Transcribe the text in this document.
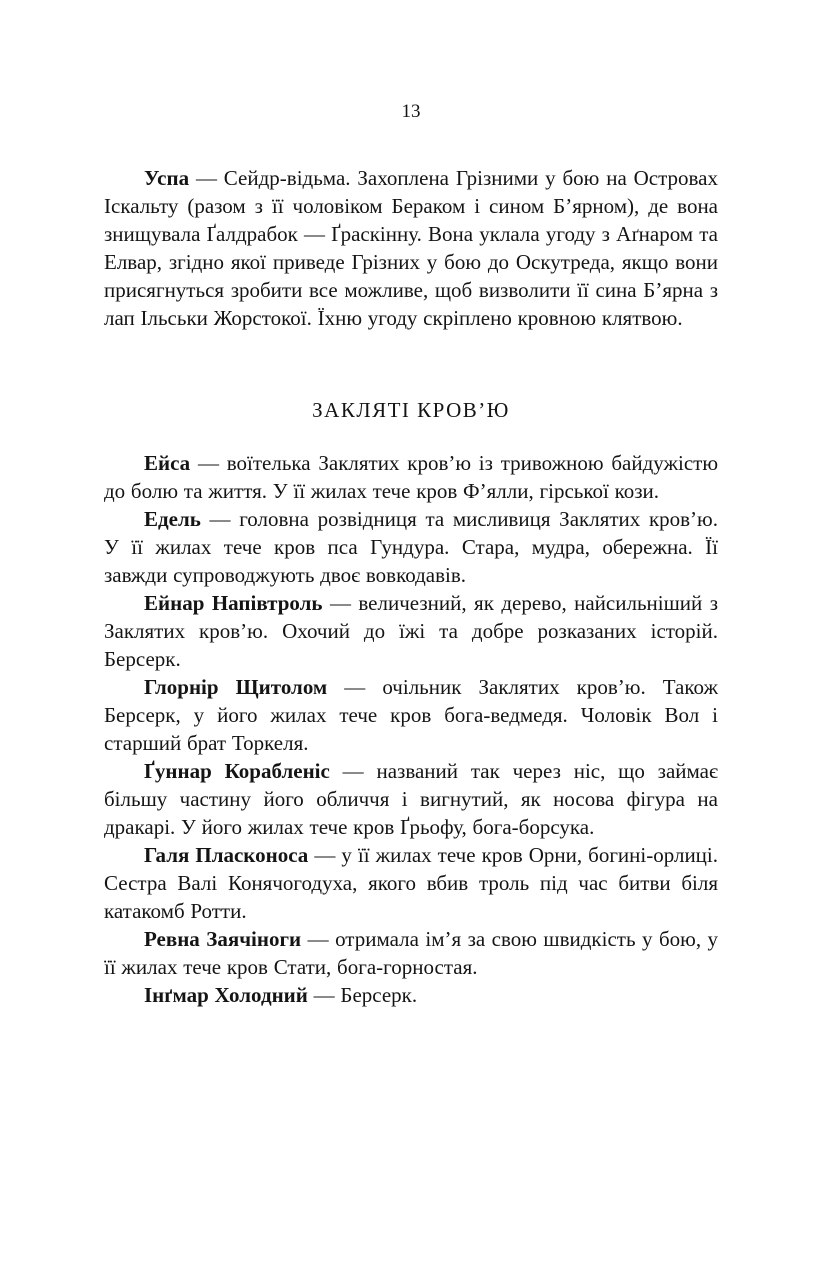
13

Успа — Сейдр-відьма. Захоплена Грізними у бою на Островах Іскальту (разом з її чоловіком Бераком і сином Б’ярном), де вона знищувала Ґалдрабок — Ґраскінну. Вона уклала угоду з Аґнаром та Елвар, згідно якої приведе Грізних у бою до Оскутреда, якщо вони присягнуться зробити все можливе, щоб визволити її сина Б’ярна з лап Ільськи Жорстокої. Їхню угоду скріплено кровною клятвою.

ЗАКЛЯТІ КРОВ’Ю

Ейса — воїтелька Заклятих кров’ю із тривожною байдужістю до болю та життя. У її жилах тече кров Ф’ялли, гірської кози.

Едель — головна розвідниця та мисливиця Заклятих кров’ю. У її жилах тече кров пса Гундура. Стара, мудра, обережна. Її завжди супроводжують двоє вовкодавів.

Ейнар Напівтроль — величезний, як дерево, найсильніший з Заклятих кров’ю. Охочий до їжі та добре розказаних історій. Берсерк.

Глорнір Щитолом — очільник Заклятих кров’ю. Також Берсерк, у його жилах тече кров бога-ведмедя. Чоловік Вол і старший брат Торкеля.

Ґуннар Корабленіс — названий так через ніс, що займає більшу частину його обличчя і вигнутий, як носова фігура на дракарі. У його жилах тече кров Ґрьофу, бога-борсука.

Галя Пласконоса — у її жилах тече кров Орни, богині-орлиці. Сестра Валі Конячогодуха, якого вбив троль під час битви біля катакомб Ротти.

Ревна Заячіноги — отримала ім’я за свою швидкість у бою, у її жилах тече кров Стати, бога-горностая.

Інґмар Холодний — Берсерк.
